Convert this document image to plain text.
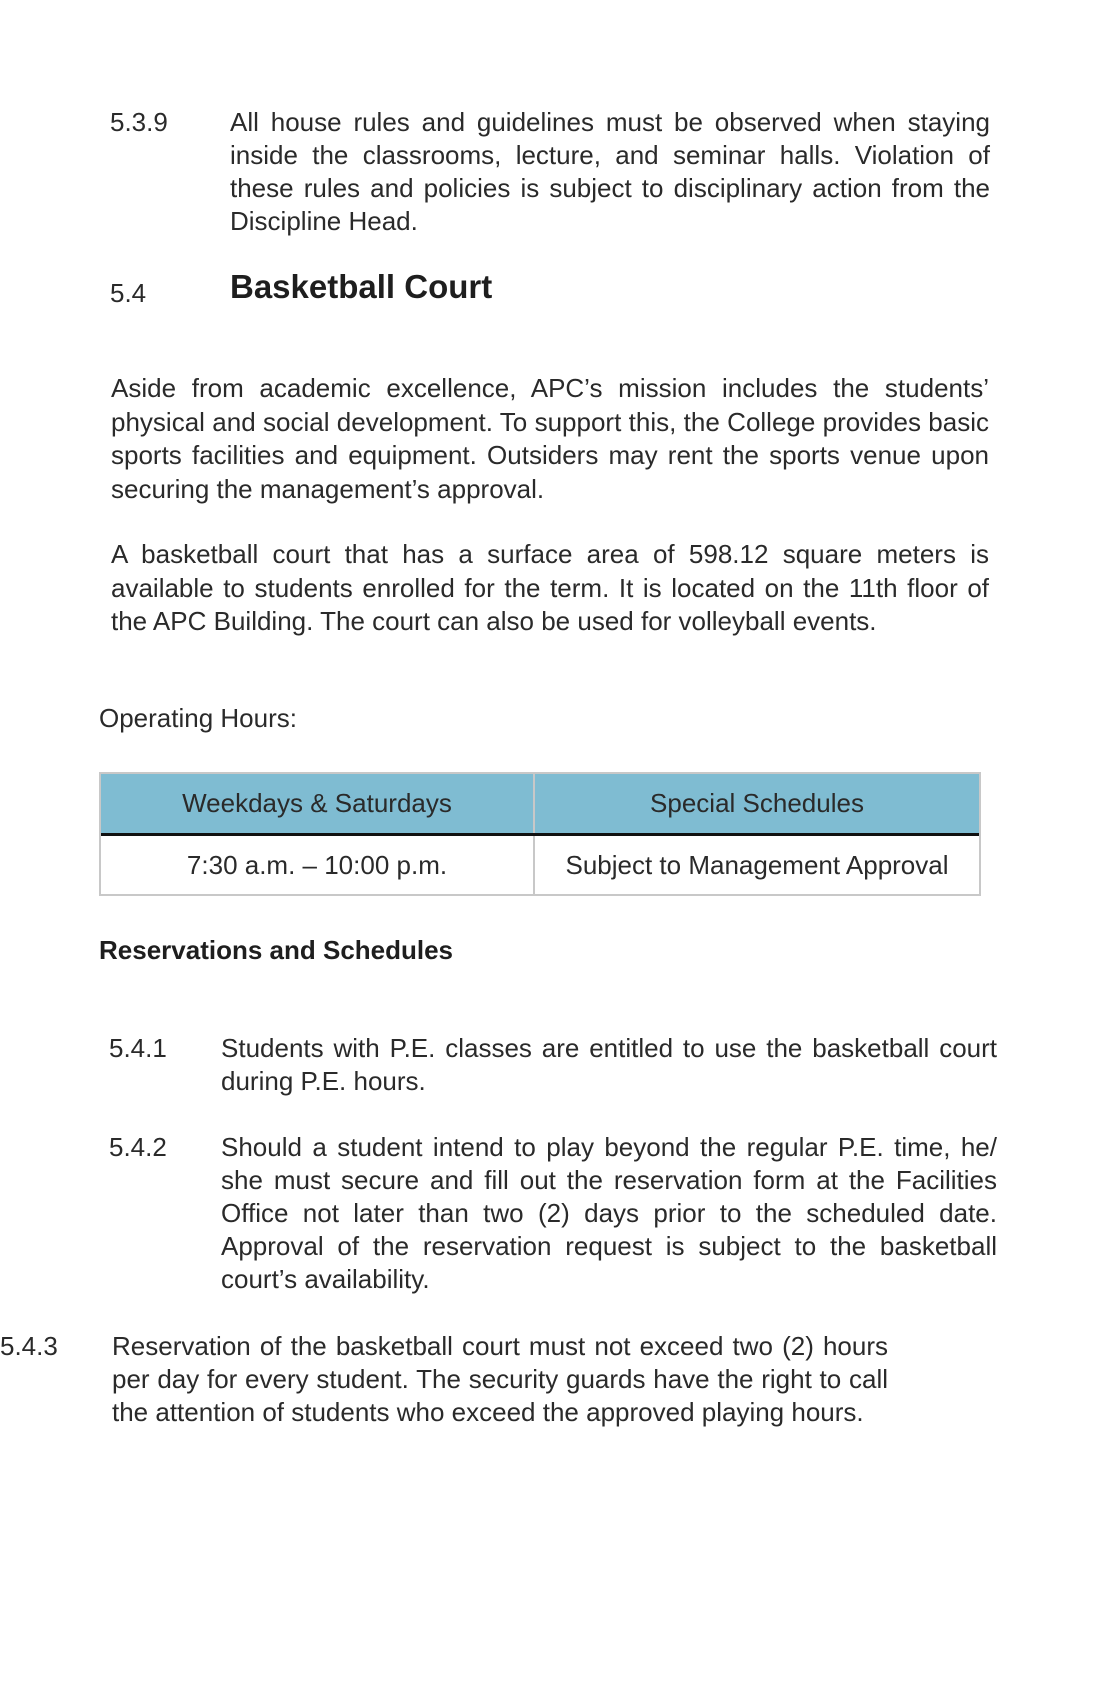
5.3.9 All house rules and guidelines must be observed when staying inside the classrooms, lecture, and seminar halls. Violation of these rules and policies is subject to disciplinary action from the Discipline Head.
5.4	Basketball Court

Aside from academic excellence, APC’s mission includes the students’ physical and social development. To support this, the College provides basic sports facilities and equipment. Outsiders may rent the sports venue upon securing the management’s approval.

A basketball court that has a surface area of 598.12 square meters is available to students enrolled for the term. It is located on the 11th floor of the APC Building. The court can also be used for volleyball events.

Operating Hours:
Weekdays & Saturdays	Special Schedules
7:30 a.m. – 10:00 p.m.	Subject to Management Approval
Reservations and Schedules
5.4.1 Students with P.E. classes are entitled to use the basketball court during P.E. hours.
5.4.2 Should a student intend to play beyond the regular P.E. time, he/ she must secure and fill out the reservation form at the Facilities Office not later than two (2) days prior to the scheduled date. Approval of the reservation request is subject to the basketball court’s availability.
5.4.3 Reservation of the basketball court must not exceed two (2) hours per day for every student. The security guards have the right to call the attention of students who exceed the approved playing hours.
